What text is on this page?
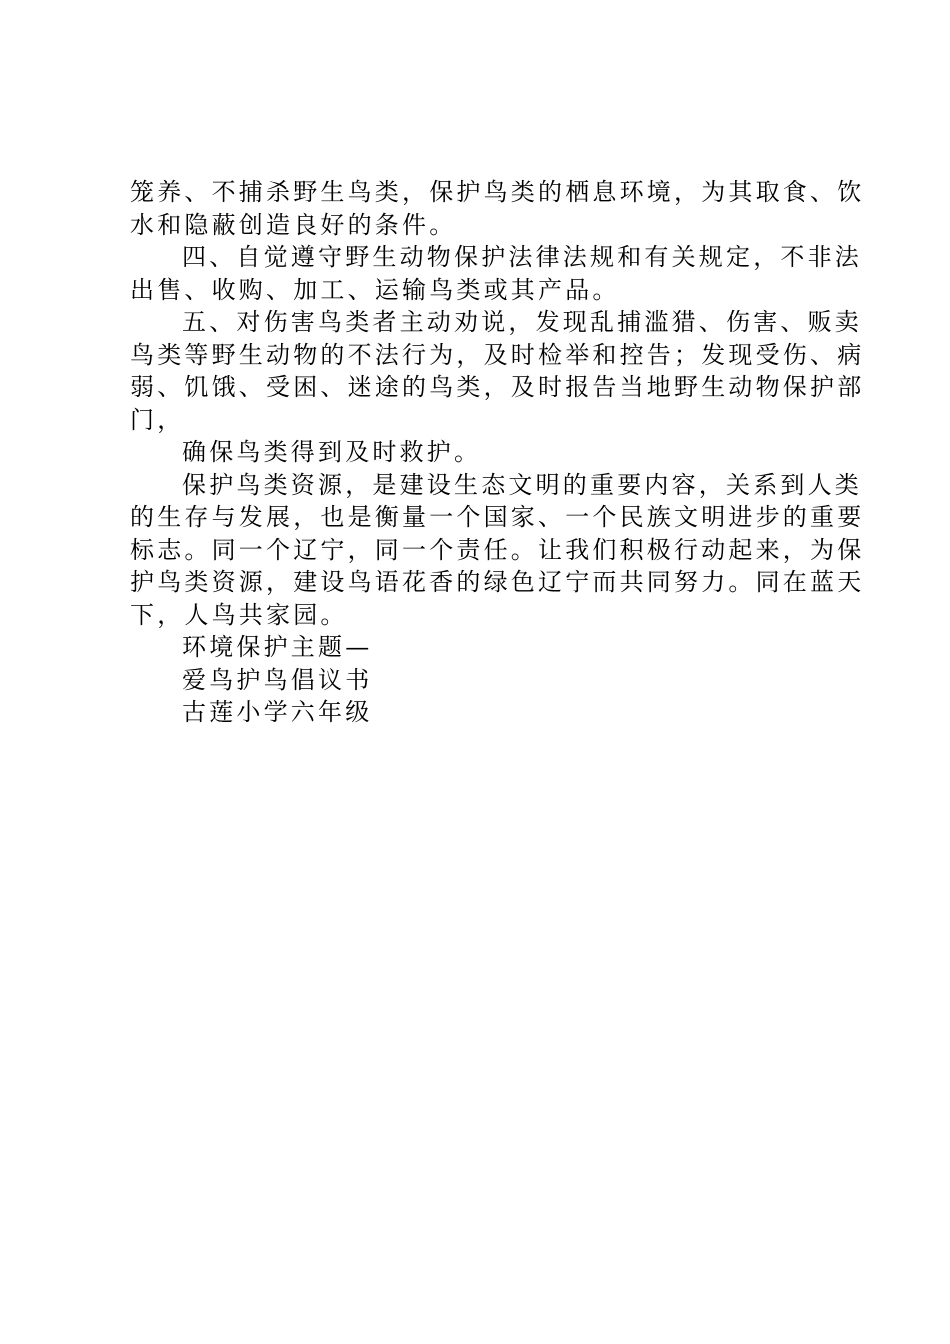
笼养、不捕杀野生鸟类，保护鸟类的栖息环境，为其取食、饮
水和隐蔽创造良好的条件。

四、自觉遵守野生动物保护法律法规和有关规定，不非法
出售、收购、加工、运输鸟类或其产品。

五、对伤害鸟类者主动劝说，发现乱捕滥猎、伤害、贩卖
鸟类等野生动物的不法行为，及时检举和控告；发现受伤、病
弱、饥饿、受困、迷途的鸟类，及时报告当地野生动物保护部
门，

确保鸟类得到及时救护。

保护鸟类资源，是建设生态文明的重要内容，关系到人类
的生存与发展，也是衡量一个国家、一个民族文明进步的重要
标志。同一个辽宁，同一个责任。让我们积极行动起来，为保
护鸟类资源，建设鸟语花香的绿色辽宁而共同努力。同在蓝天
下，人鸟共家园。

环境保护主题—
爱鸟护鸟倡议书
古莲小学六年级
